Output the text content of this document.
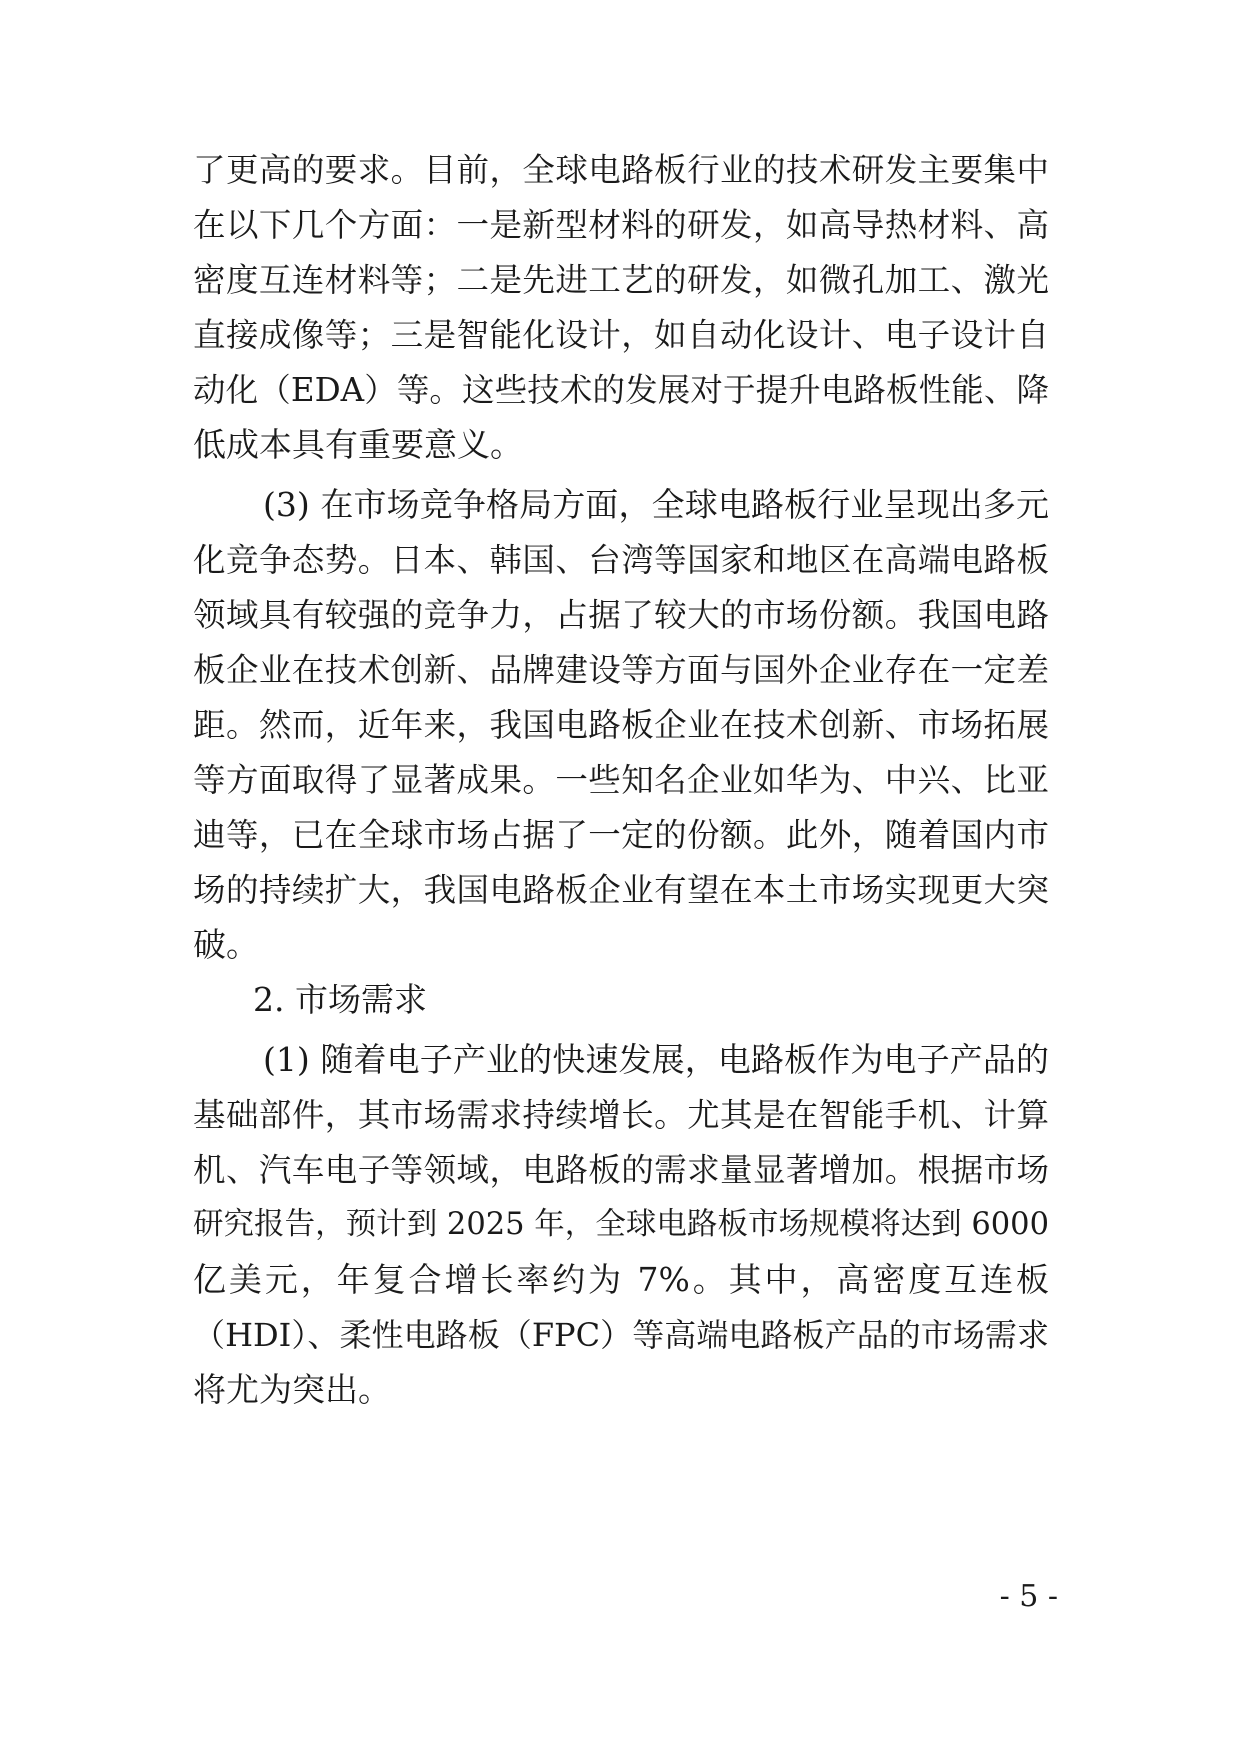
了更高的要求。目前，全球电路板行业的技术研发主要集中
在以下几个方面：一是新型材料的研发，如高导热材料、高
密度互连材料等；二是先进工艺的研发，如微孔加工、激光
直接成像等；三是智能化设计，如自动化设计、电子设计自
动化（EDA）等。这些技术的发展对于提升电路板性能、降
低成本具有重要意义。
(3) 在市场竞争格局方面，全球电路板行业呈现出多元
化竞争态势。日本、韩国、台湾等国家和地区在高端电路板
领域具有较强的竞争力，占据了较大的市场份额。我国电路
板企业在技术创新、品牌建设等方面与国外企业存在一定差
距。然而，近年来，我国电路板企业在技术创新、市场拓展
等方面取得了显著成果。一些知名企业如华为、中兴、比亚
迪等，已在全球市场占据了一定的份额。此外，随着国内市
场的持续扩大，我国电路板企业有望在本土市场实现更大突
破。
2. 市场需求
(1) 随着电子产业的快速发展，电路板作为电子产品的
基础部件，其市场需求持续增长。尤其是在智能手机、计算
机、汽车电子等领域，电路板的需求量显著增加。根据市场
研究报告，预计到 2025 年，全球电路板市场规模将达到 6000
亿美元，年复合增长率约为 7%。其中，高密度互连板
（HDI）、柔性电路板（FPC）等高端电路板产品的市场需求
将尤为突出。
- 5 -
